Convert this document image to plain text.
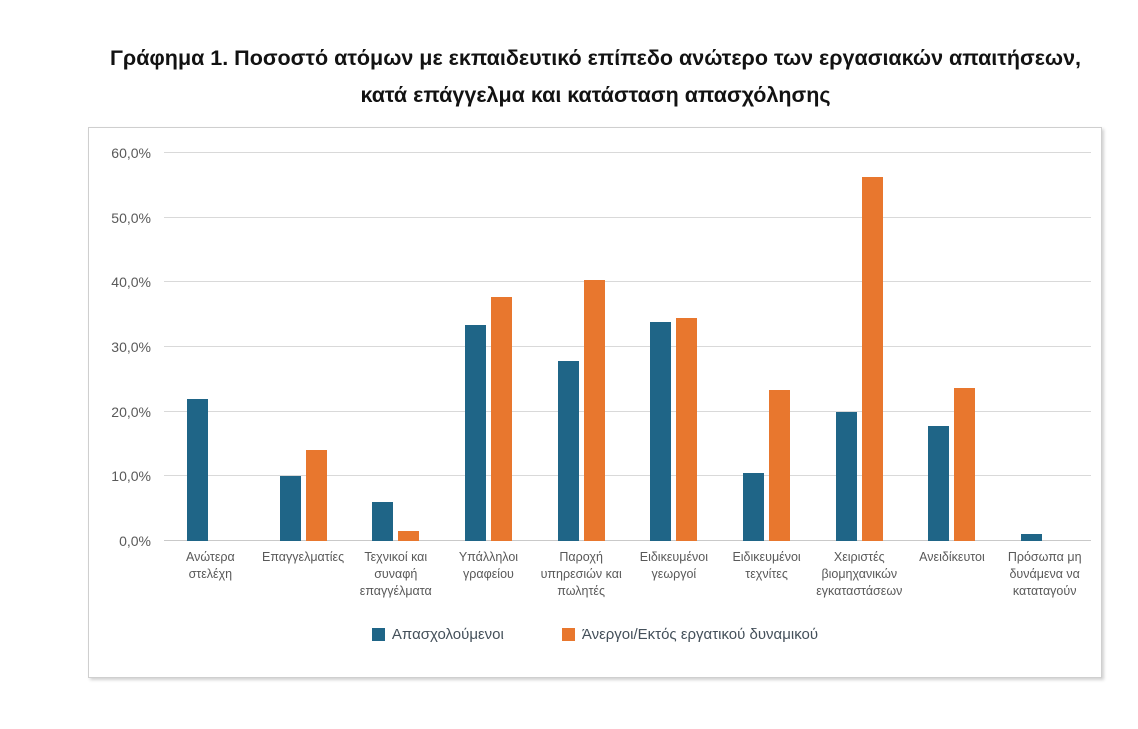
Γράφημα 1. Ποσοστό ατόμων με εκπαιδευτικό επίπεδο ανώτερο των εργασιακών απαιτήσεων, κατά επάγγελμα και κατάσταση απασχόλησης
0,0%
10,0%
20,0%
30,0%
40,0%
50,0%
60,0%
Ανώτερα στελέχη
Επαγγελματίες	Τεχνικοί και συναφή επαγγέλματα
Υπάλληλοι γραφείου
Παροχή υπηρεσιών και πωλητές
Ειδικευμένοι γεωργοί
Ειδικευμένοι τεχνίτες
Χειριστές βιομηχανικών εγκαταστάσεων
Ανειδίκευτοι	Πρόσωπα μη δυνάμενα να καταταγούν
Απασχολούμενοι	Άνεργοι/Εκτός εργατικού δυναμικού
